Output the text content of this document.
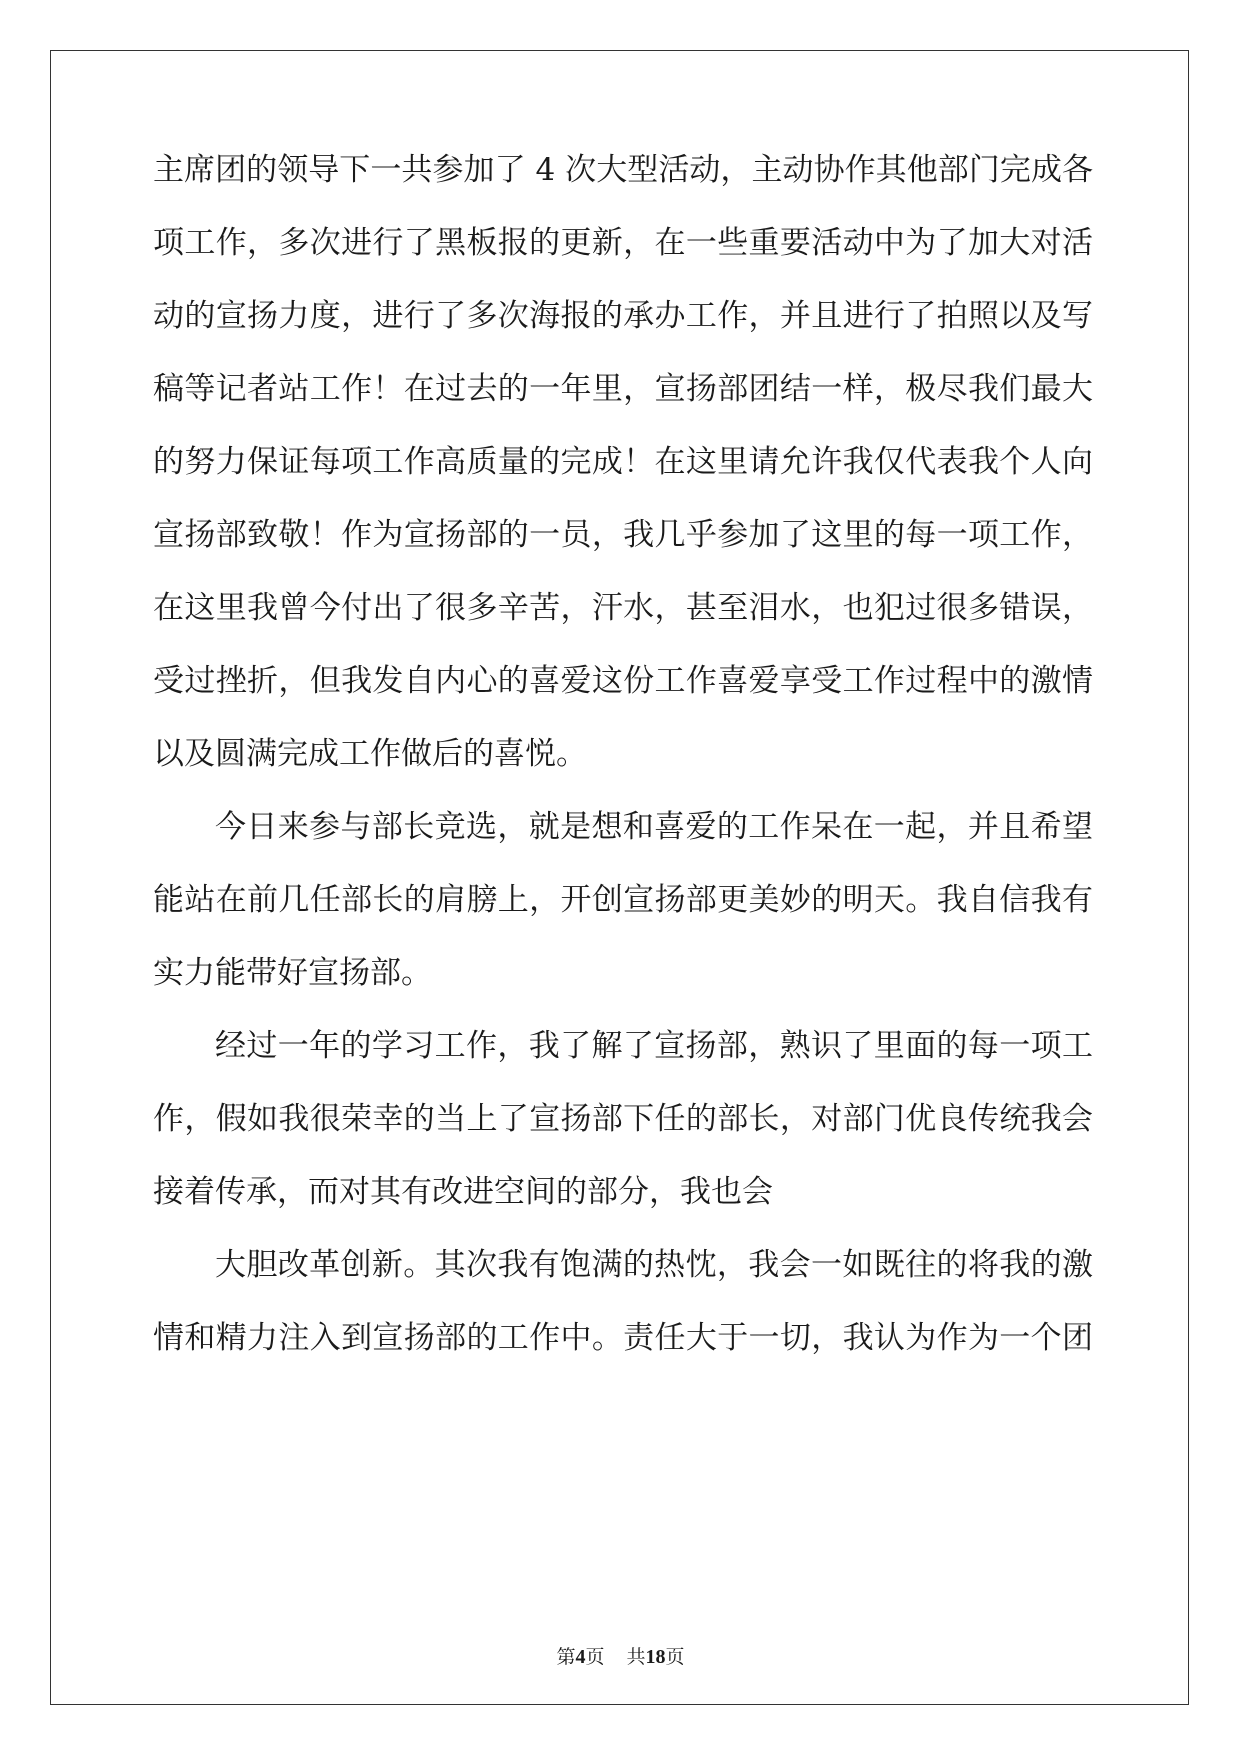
主席团的领导下一共参加了 4 次大型活动，主动协作其他部门完成各
项工作，多次进行了黑板报的更新，在一些重要活动中为了加大对活
动的宣扬力度，进行了多次海报的承办工作，并且进行了拍照以及写
稿等记者站工作！在过去的一年里，宣扬部团结一样，极尽我们最大
的努力保证每项工作高质量的完成！在这里请允许我仅代表我个人向
宣扬部致敬！作为宣扬部的一员，我几乎参加了这里的每一项工作，
在这里我曾今付出了很多辛苦，汗水，甚至泪水，也犯过很多错误，
受过挫折，但我发自内心的喜爱这份工作喜爱享受工作过程中的激情
以及圆满完成工作做后的喜悦。
今日来参与部长竞选，就是想和喜爱的工作呆在一起，并且希望
能站在前几任部长的肩膀上，开创宣扬部更美妙的明天。我自信我有
实力能带好宣扬部。
经过一年的学习工作，我了解了宣扬部，熟识了里面的每一项工
作，假如我很荣幸的当上了宣扬部下任的部长，对部门优良传统我会
接着传承，而对其有改进空间的部分，我也会
大胆改革创新。其次我有饱满的热忱，我会一如既往的将我的激
情和精力注入到宣扬部的工作中。责任大于一切，我认为作为一个团
第4页 共18页
